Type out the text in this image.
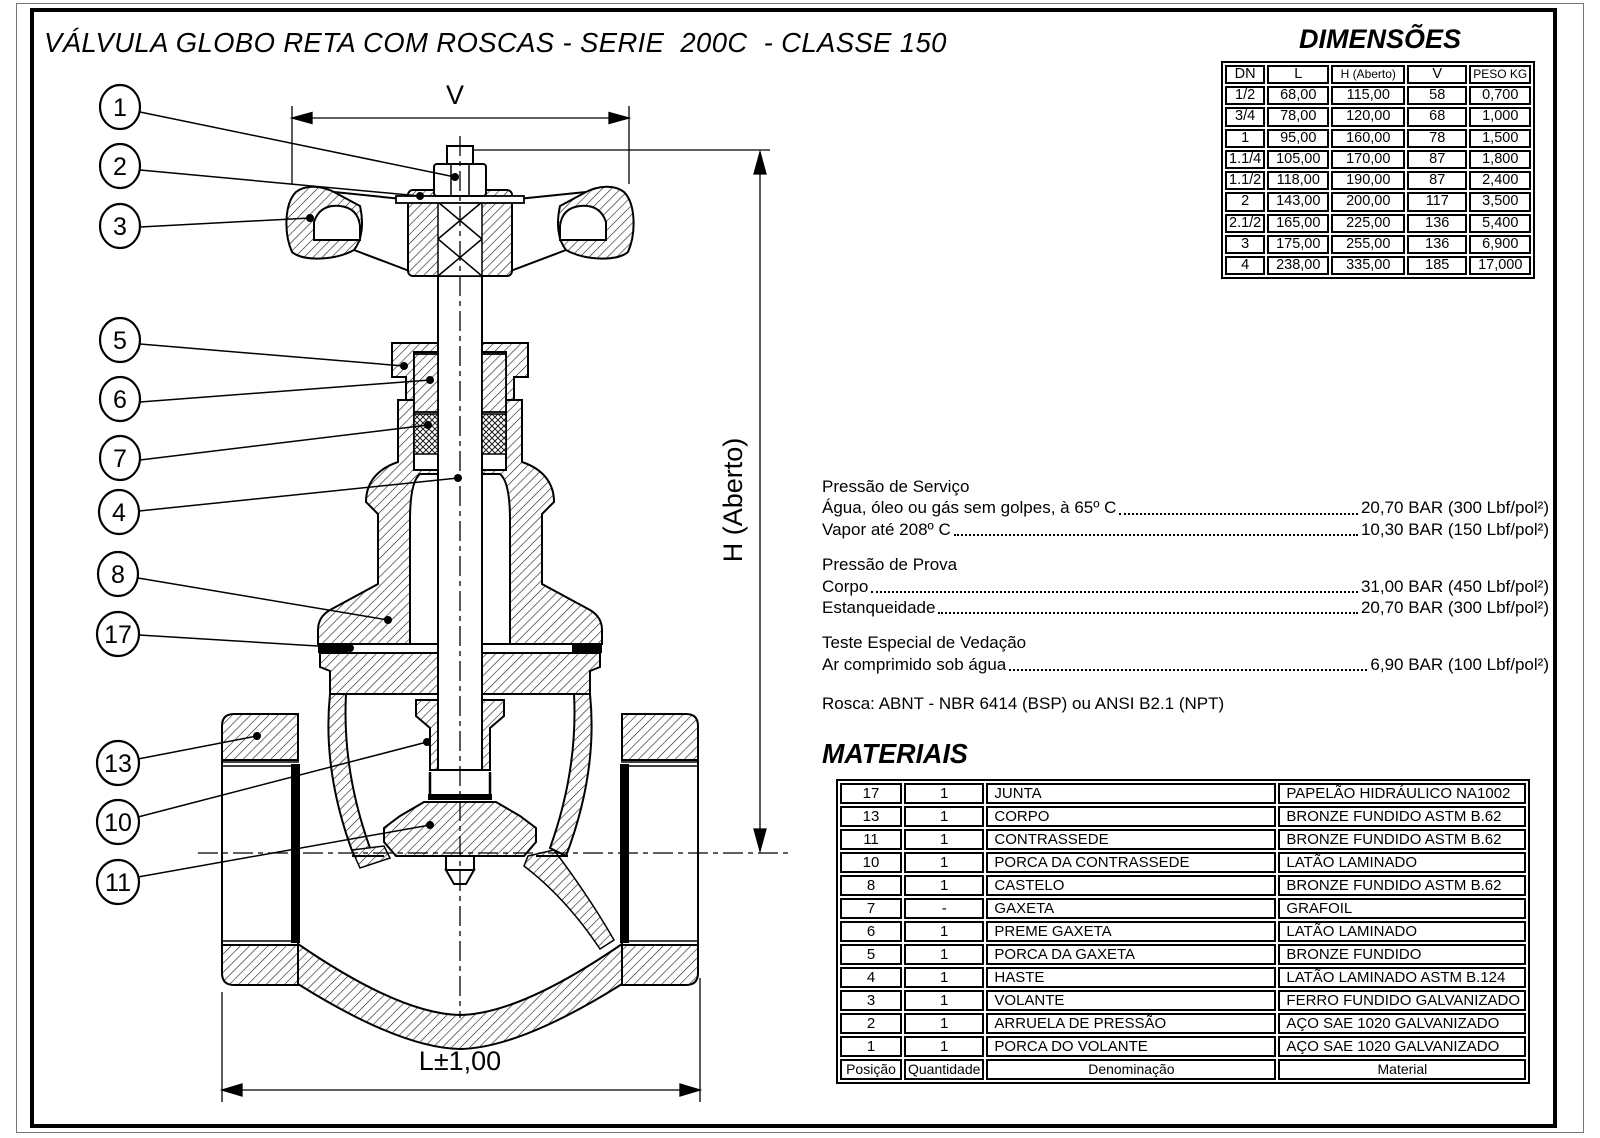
VÁLVULA GLOBO RETA COM ROSCAS - SERIE  200C  - CLASSE 150
V
H (Aberto)
L±1,00
1
2
3
5
6
7
4
8
17
13
10
11
DIMENSÕES
DN	L	H (Aberto)	V	PESO KG
1/2	68,00	115,00	58	0,700
3/4	78,00	120,00	68	1,000
1	95,00	160,00	78	1,500
1.1/4	105,00	170,00	87	1,800
1.1/2	118,00	190,00	87	2,400
2	143,00	200,00	117	3,500
2.1/2	165,00	225,00	136	5,400
3	175,00	255,00	136	6,900
4	238,00	335,00	185	17,000
Pressão de Serviço
Água, óleo ou gás sem golpes, à 65º C	20,70 BAR (300 Lbf/pol²)
Vapor até 208º C	10,30 BAR (150 Lbf/pol²)
Pressão de Prova
Corpo	31,00 BAR (450 Lbf/pol²)
Estanqueidade	20,70 BAR (300 Lbf/pol²)
Teste Especial de Vedação
Ar comprimido sob água	6,90 BAR (100 Lbf/pol²)
Rosca: ABNT - NBR 6414 (BSP) ou ANSI B2.1 (NPT)
MATERIAIS
17	1	JUNTA	PAPELÃO HIDRÁULICO NA1002
13	1	CORPO	BRONZE FUNDIDO ASTM B.62
11	1	CONTRASSEDE	BRONZE FUNDIDO ASTM B.62
10	1	PORCA DA CONTRASSEDE	LATÃO LAMINADO
8	1	CASTELO	BRONZE FUNDIDO ASTM B.62
7	-	GAXETA	GRAFOIL
6	1	PREME GAXETA	LATÃO LAMINADO
5	1	PORCA DA GAXETA	BRONZE FUNDIDO
4	1	HASTE	LATÃO LAMINADO ASTM B.124
3	1	VOLANTE	FERRO FUNDIDO GALVANIZADO
2	1	ARRUELA DE PRESSÃO	AÇO SAE 1020 GALVANIZADO
1	1	PORCA DO VOLANTE	AÇO SAE 1020 GALVANIZADO
Posição	Quantidade	Denominação	Material
